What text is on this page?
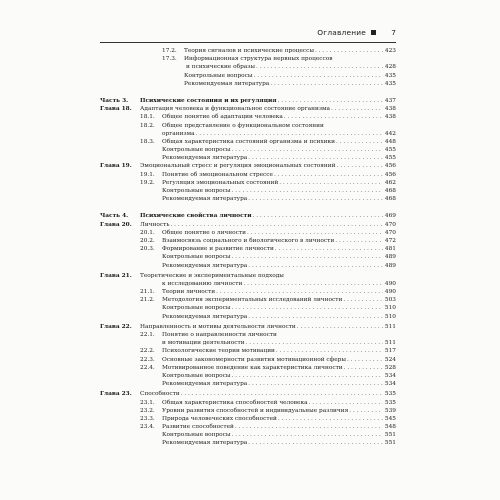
Оглавление	7
17.2.	Теория сигналов и психические процессы . . .	423
17.3.	Информационная структура нервных процессов
и психические образы . . .	428
Контрольные вопросы . . .	435
Рекомендуемая литература . . .	435
Часть 3.	Психические состояния и их регуляция . . .	437
Глава 18.	Адаптация человека и функциональное состояние организма . . .	438
18.1.	Общее понятие об адаптации человека . . .	438
18.2.	Общее представление о функциональном состоянии
организма . . .	442
18.3.	Общая характеристика состояний организма и психики . . .	448
Контрольные вопросы . . .	455
Рекомендуемая литература . . .	455
Глава 19.	Эмоциональный стресс и регуляция эмоциональных состояний . . .	456
19.1.	Понятие об эмоциональном стрессе . . .	456
19.2.	Регуляция эмоциональных состояний . . .	462
Контрольные вопросы . . .	468
Рекомендуемая литература . . .	468
Часть 4.	Психические свойства личности . . .	469
Глава 20.	Личность . . .	470
20.1.	Общее понятие о личности . . .	470
20.2.	Взаимосвязь социального и биологического в личности . . .	472
20.3.	Формирование и развитие личности . . .	481
Контрольные вопросы . . .	489
Рекомендуемая литература . . .	489
Глава 21.	Теоретические и экспериментальные подходы
к исследованию личности . . .	490
21.1.	Теории личности . . .	490
21.2.	Методология экспериментальных исследований личности . . .	503
Контрольные вопросы . . .	510
Рекомендуемая литература . . .	510
Глава 22.	Направленность и мотивы деятельности личности . . .	511
22.1.	Понятие о направленности личности
и мотивации деятельности . . .	511
22.2.	Психологические теории мотивации . . .	517
22.3.	Основные закономерности развития мотивационной сферы . . .	524
22.4.	Мотивированное поведение как характеристика личности . . .	528
Контрольные вопросы . . .	534
Рекомендуемая литература . . .	534
Глава 23.	Способности . . .	535
23.1.	Общая характеристика способностей человека . . .	535
23.2.	Уровни развития способностей и индивидуальные различия . . .	539
23.3.	Природа человеческих способностей . . .	545
23.4.	Развитие способностей . . .	548
Контрольные вопросы . . .	551
Рекомендуемая литература . . .	551
